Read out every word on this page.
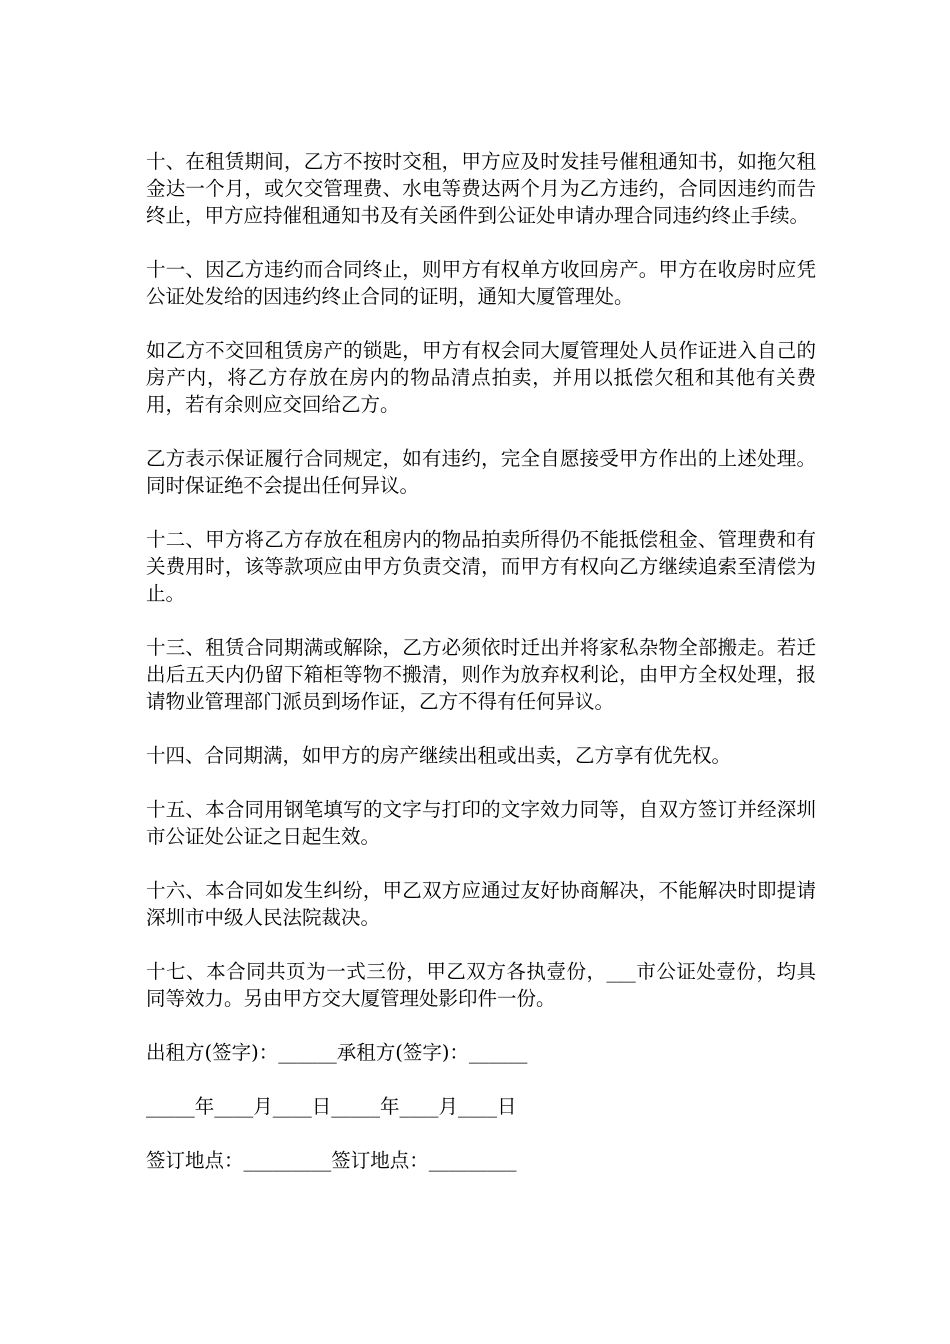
十、在租赁期间，乙方不按时交租，甲方应及时发挂号催租通知书，如拖欠租金达一个月，或欠交管理费、水电等费达两个月为乙方违约，合同因违约而告终止，甲方应持催租通知书及有关函件到公证处申请办理合同违约终止手续。

十一、因乙方违约而合同终止，则甲方有权单方收回房产。甲方在收房时应凭公证处发给的因违约终止合同的证明，通知大厦管理处。

如乙方不交回租赁房产的锁匙，甲方有权会同大厦管理处人员作证进入自己的房产内，将乙方存放在房内的物品清点拍卖，并用以抵偿欠租和其他有关费用，若有余则应交回给乙方。

乙方表示保证履行合同规定，如有违约，完全自愿接受甲方作出的上述处理。同时保证绝不会提出任何异议。

十二、甲方将乙方存放在租房内的物品拍卖所得仍不能抵偿租金、管理费和有关费用时，该等款项应由甲方负责交清，而甲方有权向乙方继续追索至清偿为止。

十三、租赁合同期满或解除，乙方必须依时迁出并将家私杂物全部搬走。若迁出后五天内仍留下箱柜等物不搬清，则作为放弃权利论，由甲方全权处理，报请物业管理部门派员到场作证，乙方不得有任何异议。

十四、合同期满，如甲方的房产继续出租或出卖，乙方享有优先权。

十五、本合同用钢笔填写的文字与打印的文字效力同等，自双方签订并经深圳市公证处公证之日起生效。

十六、本合同如发生纠纷，甲乙双方应通过友好协商解决，不能解决时即提请深圳市中级人民法院裁决。

十七、本合同共页为一式三份，甲乙双方各执壹份，___市公证处壹份，均具同等效力。另由甲方交大厦管理处影印件一份。

出租方(签字)：______承租方(签字)：______
_____年____月____日_____年____月____日
签订地点：_________签订地点：_________
